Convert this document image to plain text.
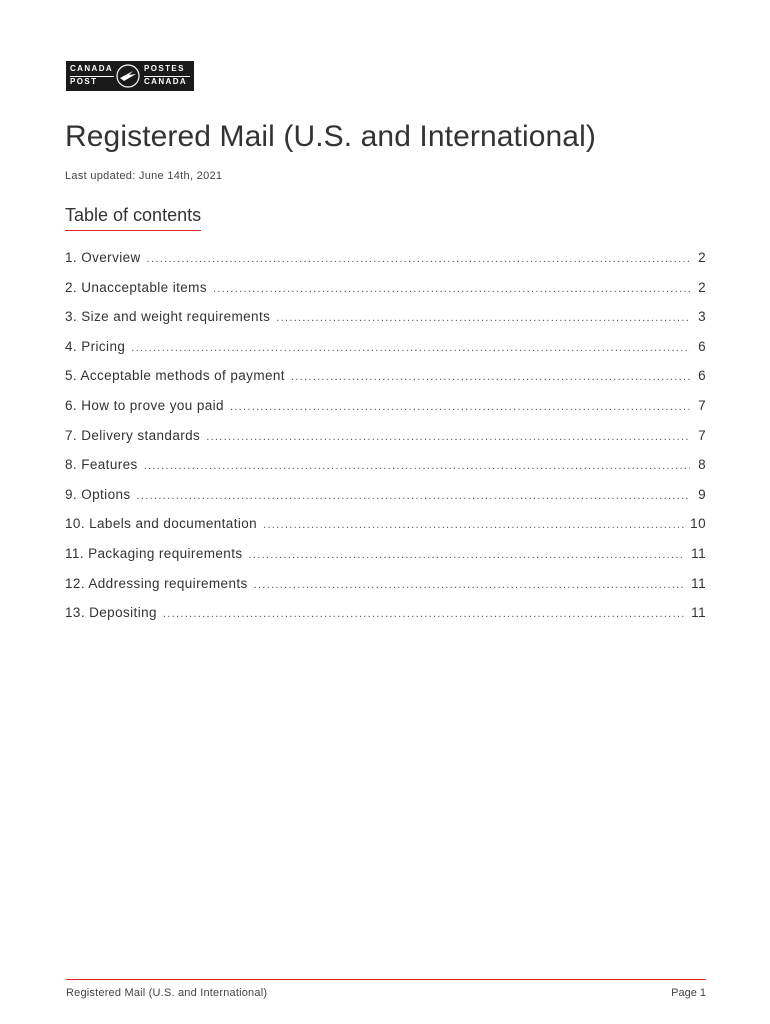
CANADA
POST
POSTES
CANADA
Registered Mail (U.S. and International)
Last updated: June 14th, 2021
Table of contents
1. Overview .....	2
2. Unacceptable items .....	2
3. Size and weight requirements .....	3
4. Pricing .....	6
5. Acceptable methods of payment .....	6
6. How to prove you paid .....	7
7. Delivery standards .....	7
8. Features .....	8
9. Options .....	9
10. Labels and documentation .....	10
11. Packaging requirements .....	11
12. Addressing requirements .....	11
13. Depositing .....	11
Registered Mail (U.S. and International)	Page 1
